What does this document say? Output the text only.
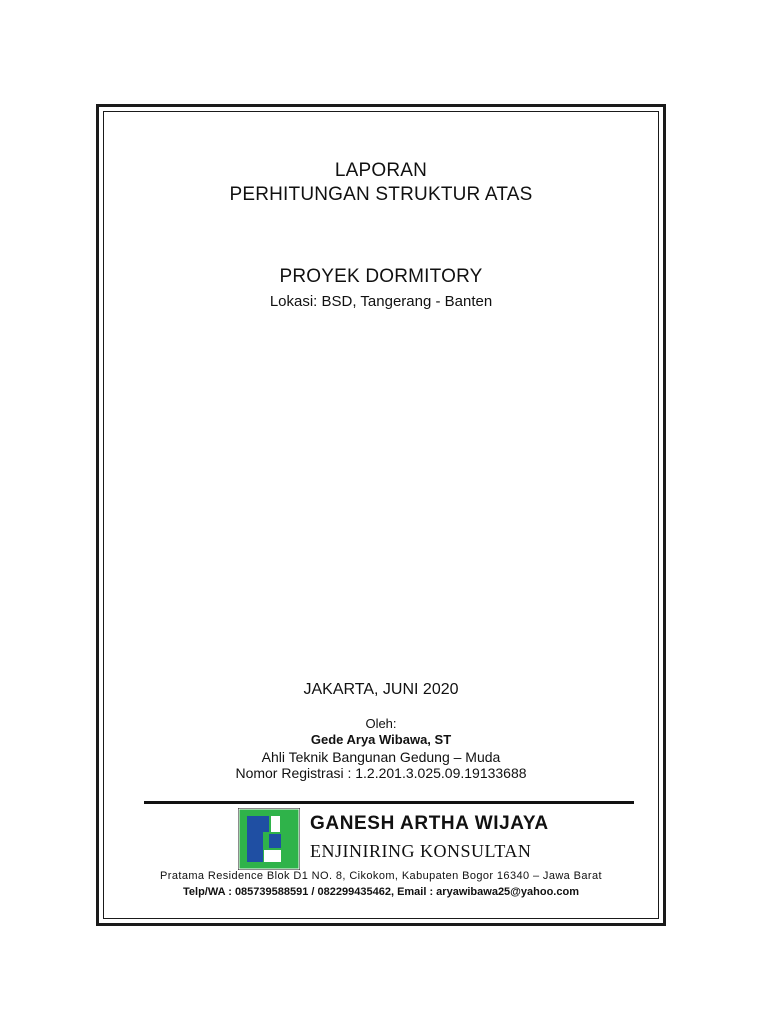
LAPORAN
PERHITUNGAN STRUKTUR ATAS
PROYEK DORMITORY
Lokasi: BSD, Tangerang - Banten
JAKARTA, JUNI 2020
Oleh:
Gede Arya Wibawa, ST
Ahli Teknik Bangunan Gedung – Muda
Nomor Registrasi : 1.2.201.3.025.09.19133688
GANESH ARTHA WIJAYA
ENJINIRING KONSULTAN
Pratama Residence Blok D1 NO. 8, Cikokom, Kabupaten Bogor 16340 – Jawa Barat
Telp/WA : 085739588591 / 082299435462, Email : aryawibawa25@yahoo.com
